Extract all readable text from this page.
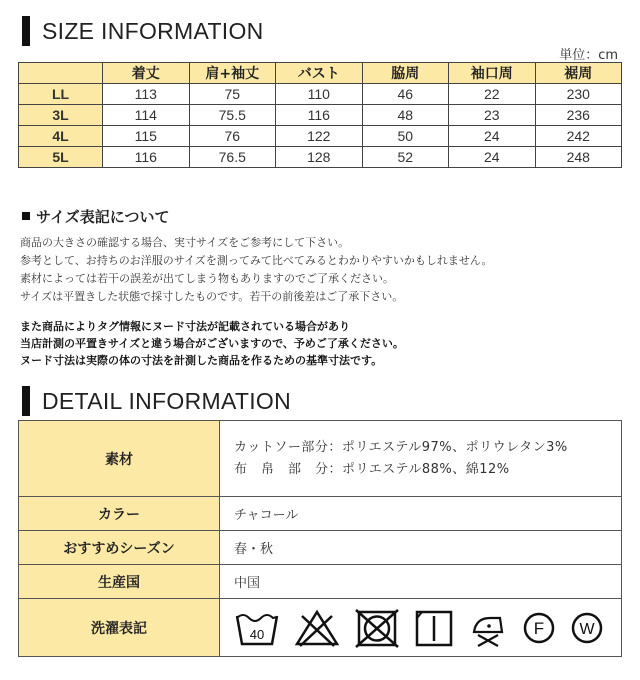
SIZE INFORMATION
単位：cm
	着丈	肩+袖丈	バスト	脇周	袖口周	裾周
LL	113	75	110	46	22	230
3L	114	75.5	116	48	23	236
4L	115	76	122	50	24	242
5L	116	76.5	128	52	24	248
サイズ表記について
商品の大きさの確認する場合、実寸サイズをご参考にして下さい。
参考として、お持ちのお洋服のサイズを測ってみて比べてみるとわかりやすいかもしれません。
素材によっては若干の誤差が出てしまう物もありますのでご了承ください。
サイズは平置きした状態で採寸したものです。若干の前後差はご了承下さい。
また商品によりタグ情報にヌード寸法が記載されている場合があり
当店計測の平置きサイズと違う場合がございますので、予めご了承ください。
ヌード寸法は実際の体の寸法を計測した商品を作るための基準寸法です。
DETAIL INFORMATION
素材	カットソー部分：ポリエステル97%、ポリウレタン3%
布　帛　部　分：ポリエステル88%、綿12%

カラー	チャコール
おすすめシーズン	春・秋
生産国	中国
洗濯表記	40 F W
